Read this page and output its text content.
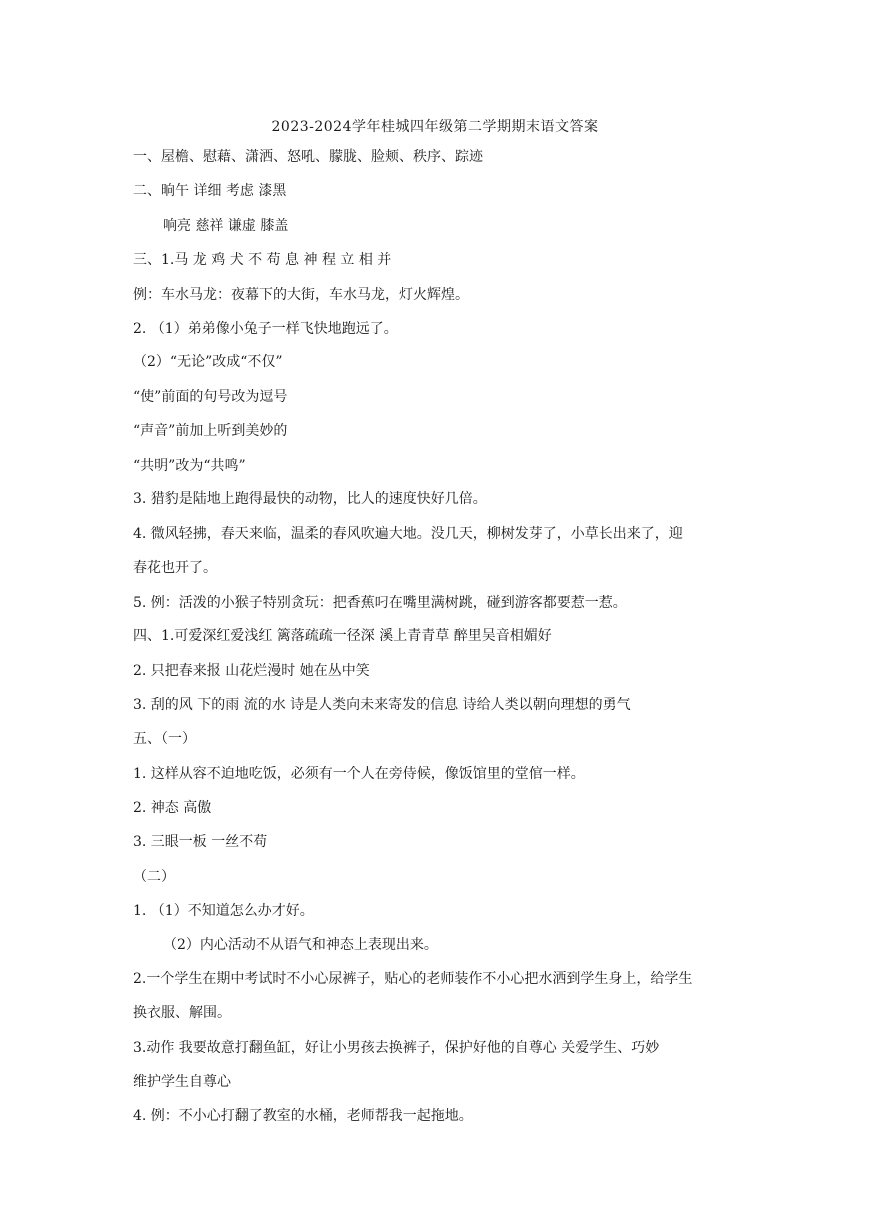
2023-2024学年桂城四年级第二学期期末语文答案
一、屋檐、慰藉、潇洒、怒吼、朦胧、脸颊、秩序、踪迹
二、晌午 详细 考虑 漆黑
响亮 慈祥 谦虚 膝盖
三、1.马 龙 鸡 犬 不 苟 息 神 程 立 相 并
例：车水马龙：夜幕下的大街，车水马龙，灯火辉煌。
2. （1）弟弟像小兔子一样飞快地跑远了。
（2）“无论”改成“不仅”
“使”前面的句号改为逗号
“声音”前加上听到美妙的
“共明”改为“共鸣”
3. 猎豹是陆地上跑得最快的动物，比人的速度快好几倍。
4. 微风轻拂，春天来临，温柔的春风吹遍大地。没几天，柳树发芽了，小草长出来了，迎
春花也开了。
5. 例：活泼的小猴子特别贪玩：把香蕉叼在嘴里满树跳，碰到游客都要惹一惹。
四、1.可爱深红爱浅红 篱落疏疏一径深 溪上青青草 醉里吴音相媚好
2. 只把春来报 山花烂漫时 她在丛中笑
3. 刮的风 下的雨 流的水 诗是人类向未来寄发的信息 诗给人类以朝向理想的勇气
五、（一）
1. 这样从容不迫地吃饭，必须有一个人在旁侍候，像饭馆里的堂倌一样。
2. 神态 高傲
3. 三眼一板 一丝不苟
（二）
1. （1）不知道怎么办才好。
（2）内心活动不从语气和神态上表现出来。
2.一个学生在期中考试时不小心尿裤子，贴心的老师装作不小心把水洒到学生身上，给学生
换衣服、解围。
3.动作 我要故意打翻鱼缸，好让小男孩去换裤子，保护好他的自尊心 关爱学生、巧妙
维护学生自尊心
4. 例：不小心打翻了教室的水桶，老师帮我一起拖地。
